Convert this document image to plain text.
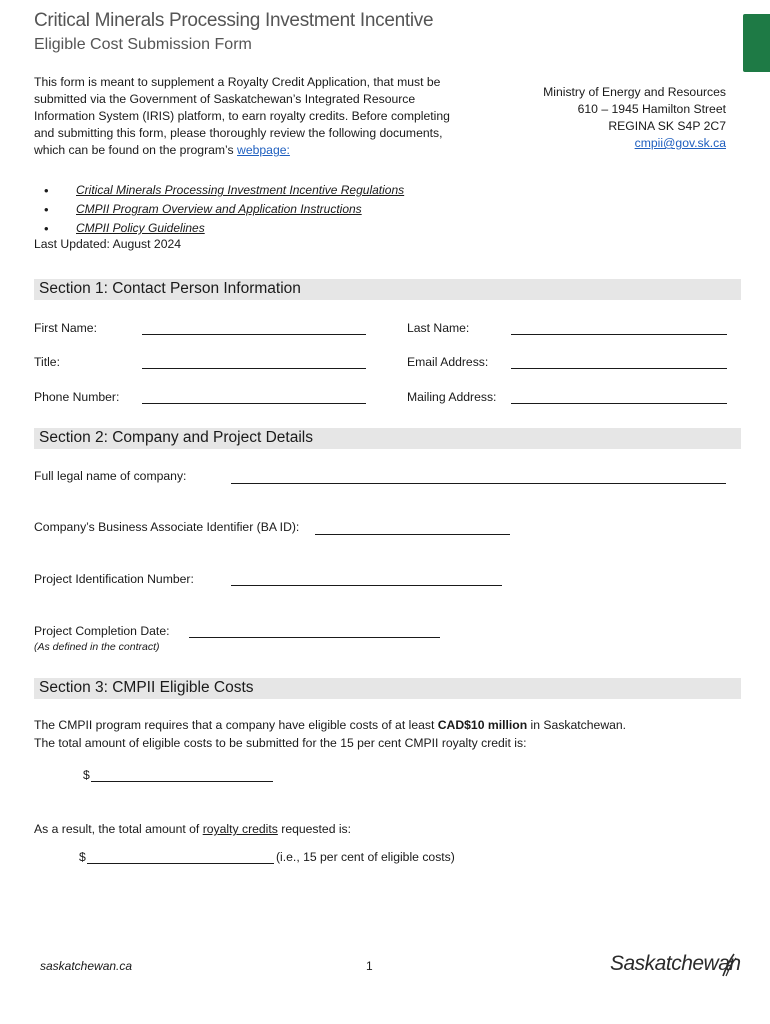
Critical Minerals Processing Investment Incentive
Eligible Cost Submission Form
This form is meant to supplement a Royalty Credit Application, that must be submitted via the Government of Saskatchewan’s Integrated Resource Information System (IRIS) platform, to earn royalty credits. Before completing and submitting this form, please thoroughly review the following documents, which can be found on the program’s webpage:
• Critical Minerals Processing Investment Incentive Regulations
• CMPII Program Overview and Application Instructions
• CMPII Policy Guidelines
Last Updated: August 2024
Ministry of Energy and Resources
610 – 1945 Hamilton Street
REGINA SK S4P 2C7
cmpii@gov.sk.ca
Section 1: Contact Person Information
First Name:	Last Name:
Title:	Email Address:
Phone Number:	Mailing Address:
Section 2: Company and Project Details
Full legal name of company:
Company’s Business Associate Identifier (BA ID):
Project Identification Number:
Project Completion Date:
(As defined in the contract)
Section 3: CMPII Eligible Costs
The CMPII program requires that a company have eligible costs of at least CAD$10 million in Saskatchewan.
The total amount of eligible costs to be submitted for the 15 per cent CMPII royalty credit is:
$
As a result, the total amount of royalty credits requested is:
$	(i.e., 15 per cent of eligible costs)
saskatchewan.ca	1	Saskatchewan
